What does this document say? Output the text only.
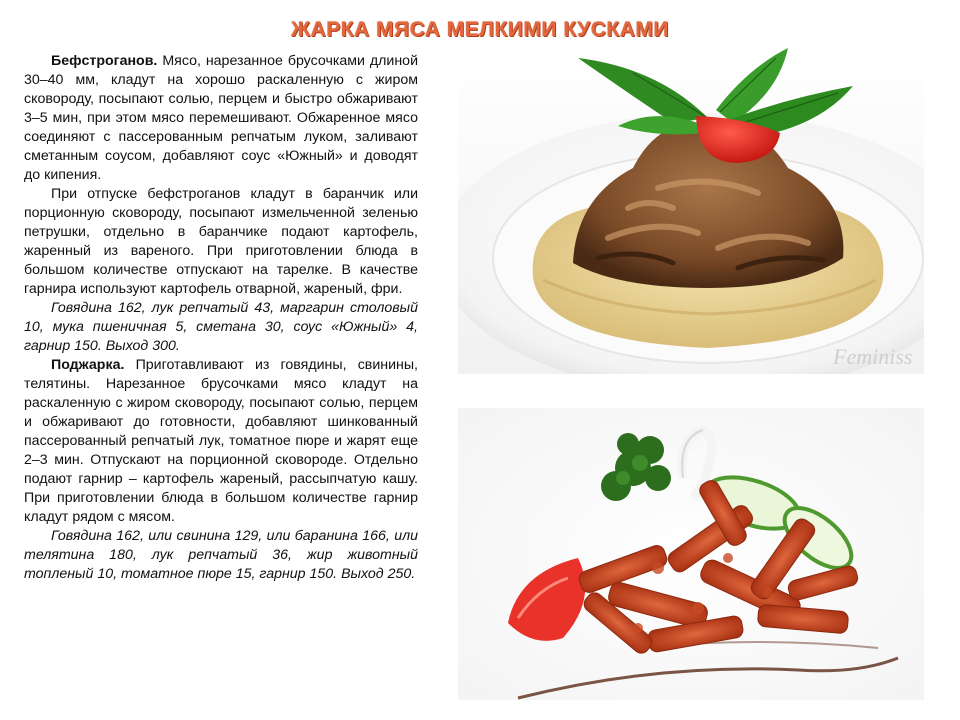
ЖАРКА МЯСА МЕЛКИМИ КУСКАМИ

Бефстроганов. Мясо, нарезанное брусочками длиной 30–40 мм, кладут на хорошо раскаленную с жиром сковороду, посыпают солью, перцем и быстро обжаривают 3–5 мин, при этом мясо перемешивают. Обжаренное мясо соединяют с пассерованным репчатым луком, заливают сметанным соусом, добавляют соус «Южный» и доводят до кипения.

При отпуске бефстроганов кладут в баранчик или порционную сковороду, посыпают измельченной зеленью петрушки, отдельно в баранчике подают картофель, жаренный из вареного. При приготовлении блюда в большом количестве отпускают на тарелке. В качестве гарнира используют картофель отварной, жареный, фри.

Говядина 162, лук репчатый 43, маргарин столовый 10, мука пшеничная 5, сметана 30, соус «Южный» 4, гарнир 150. Выход 300.

Поджарка. Приготавливают из говядины, свинины, телятины. Нарезанное брусочками мясо кладут на раскаленную с жиром сковороду, посыпают солью, перцем и обжаривают до готовности, добавляют шинкованный пассерованный репчатый лук, томатное пюре и жарят еще 2–3 мин. Отпускают на порционной сковороде. Отдельно подают гарнир – картофель жареный, рассыпчатую кашу. При приготовлении блюда в большом количестве гарнир кладут рядом с мясом.

Говядина 162, или свинина 129, или баранина 166, или телятина 180, лук репчатый 36, жир животный топленый 10, томатное пюре 15, гарнир 150. Выход 250.

Feminiss
